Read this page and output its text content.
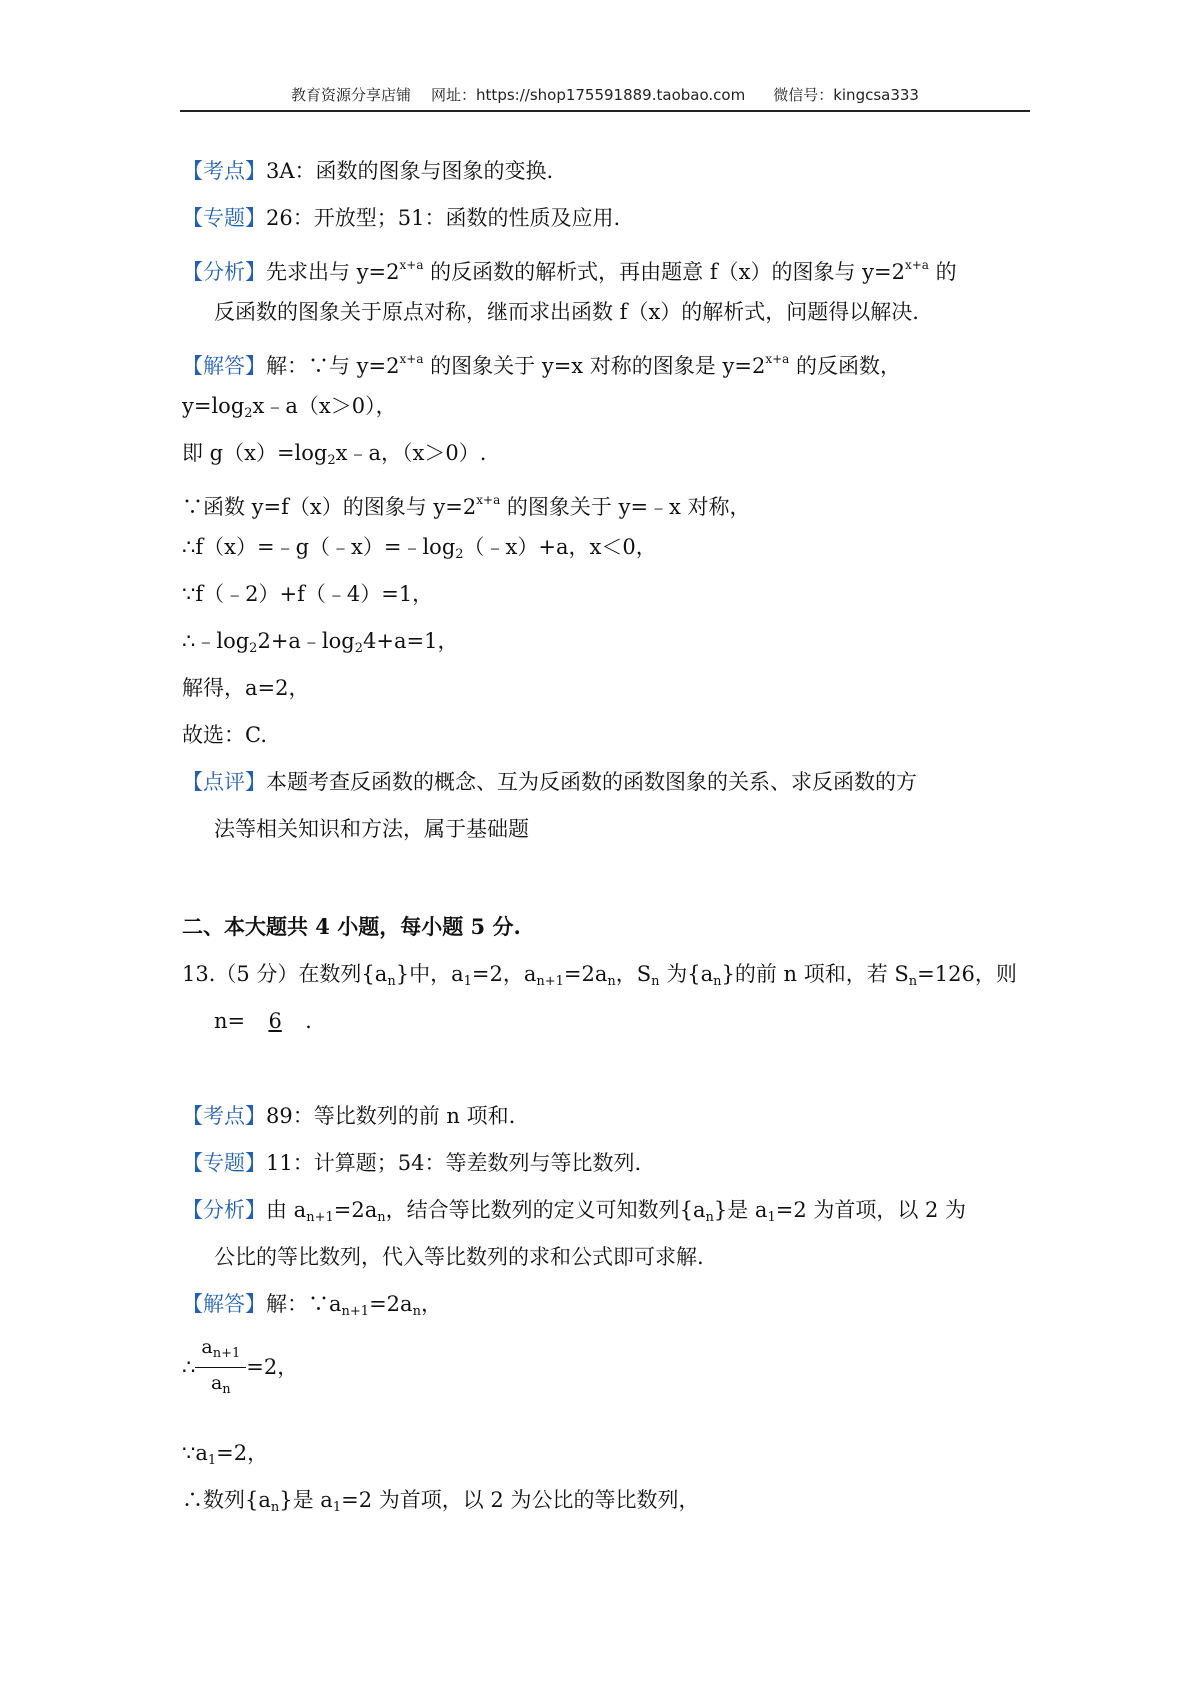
教育资源分享店铺 网址：https://shop175591889.taobao.com 微信号：kingcsa333
【考点】3A：函数的图象与图象的变换.
【专题】26：开放型；51：函数的性质及应用.
【分析】先求出与 $y=2^{x+a}$ 的反函数的解析式，再由题意 f（x）的图象与 $y=2^{x+a}$ 的
反函数的图象关于原点对称，继而求出函数 f（x）的解析式，问题得以解决.
【解答】解：∵与 $y=2^{x+a}$ 的图象关于 y=x 对称的图象是 $y=2^{x+a}$ 的反函数，
$y=\log_2x﹣a(x>0)$，
即 $g(x)=\log_2x﹣a$，（x＞0）.
∵函数 y=f（x）的图象与 $y=2^{x+a}$ 的图象关于 y=﹣x 对称，
$\therefore f(x)=﹣g(﹣x)=﹣\log_2(﹣x)+a$，x＜0，
∵f（﹣2）+f（﹣4）=1，
$\therefore﹣\log_22+a﹣\log_24+a=1$，
解得，a=2，
故选：C.
【点评】本题考查反函数的概念、互为反函数的函数图象的关系、求反函数的方
法等相关知识和方法，属于基础题
二、本大题共 4 小题，每小题 5 分.
13.（5 分）在数列$\{a_n\}$中，$a_1=2$，$a_{n+1}=2a_n$，$S_n$ 为$\{a_n\}$的前 n 项和，若 $S_n=126$，则
n= 6 .
【考点】89：等比数列的前 n 项和.
【专题】11：计算题；54：等差数列与等比数列.
【分析】由 $a_{n+1}=2a_n$，结合等比数列的定义可知数列$\{a_n\}$是 $a_1=2$ 为首项，以 2 为
公比的等比数列，代入等比数列的求和公式即可求解.
【解答】解：$\because a_{n+1}=2a_n$，
∴ $\frac{a_{n+1}}{a_n} =2$，
$\because a_1=2$，
∴数列$\{a_n\}$是 $a_1=2$ 为首项，以 2 为公比的等比数列，
